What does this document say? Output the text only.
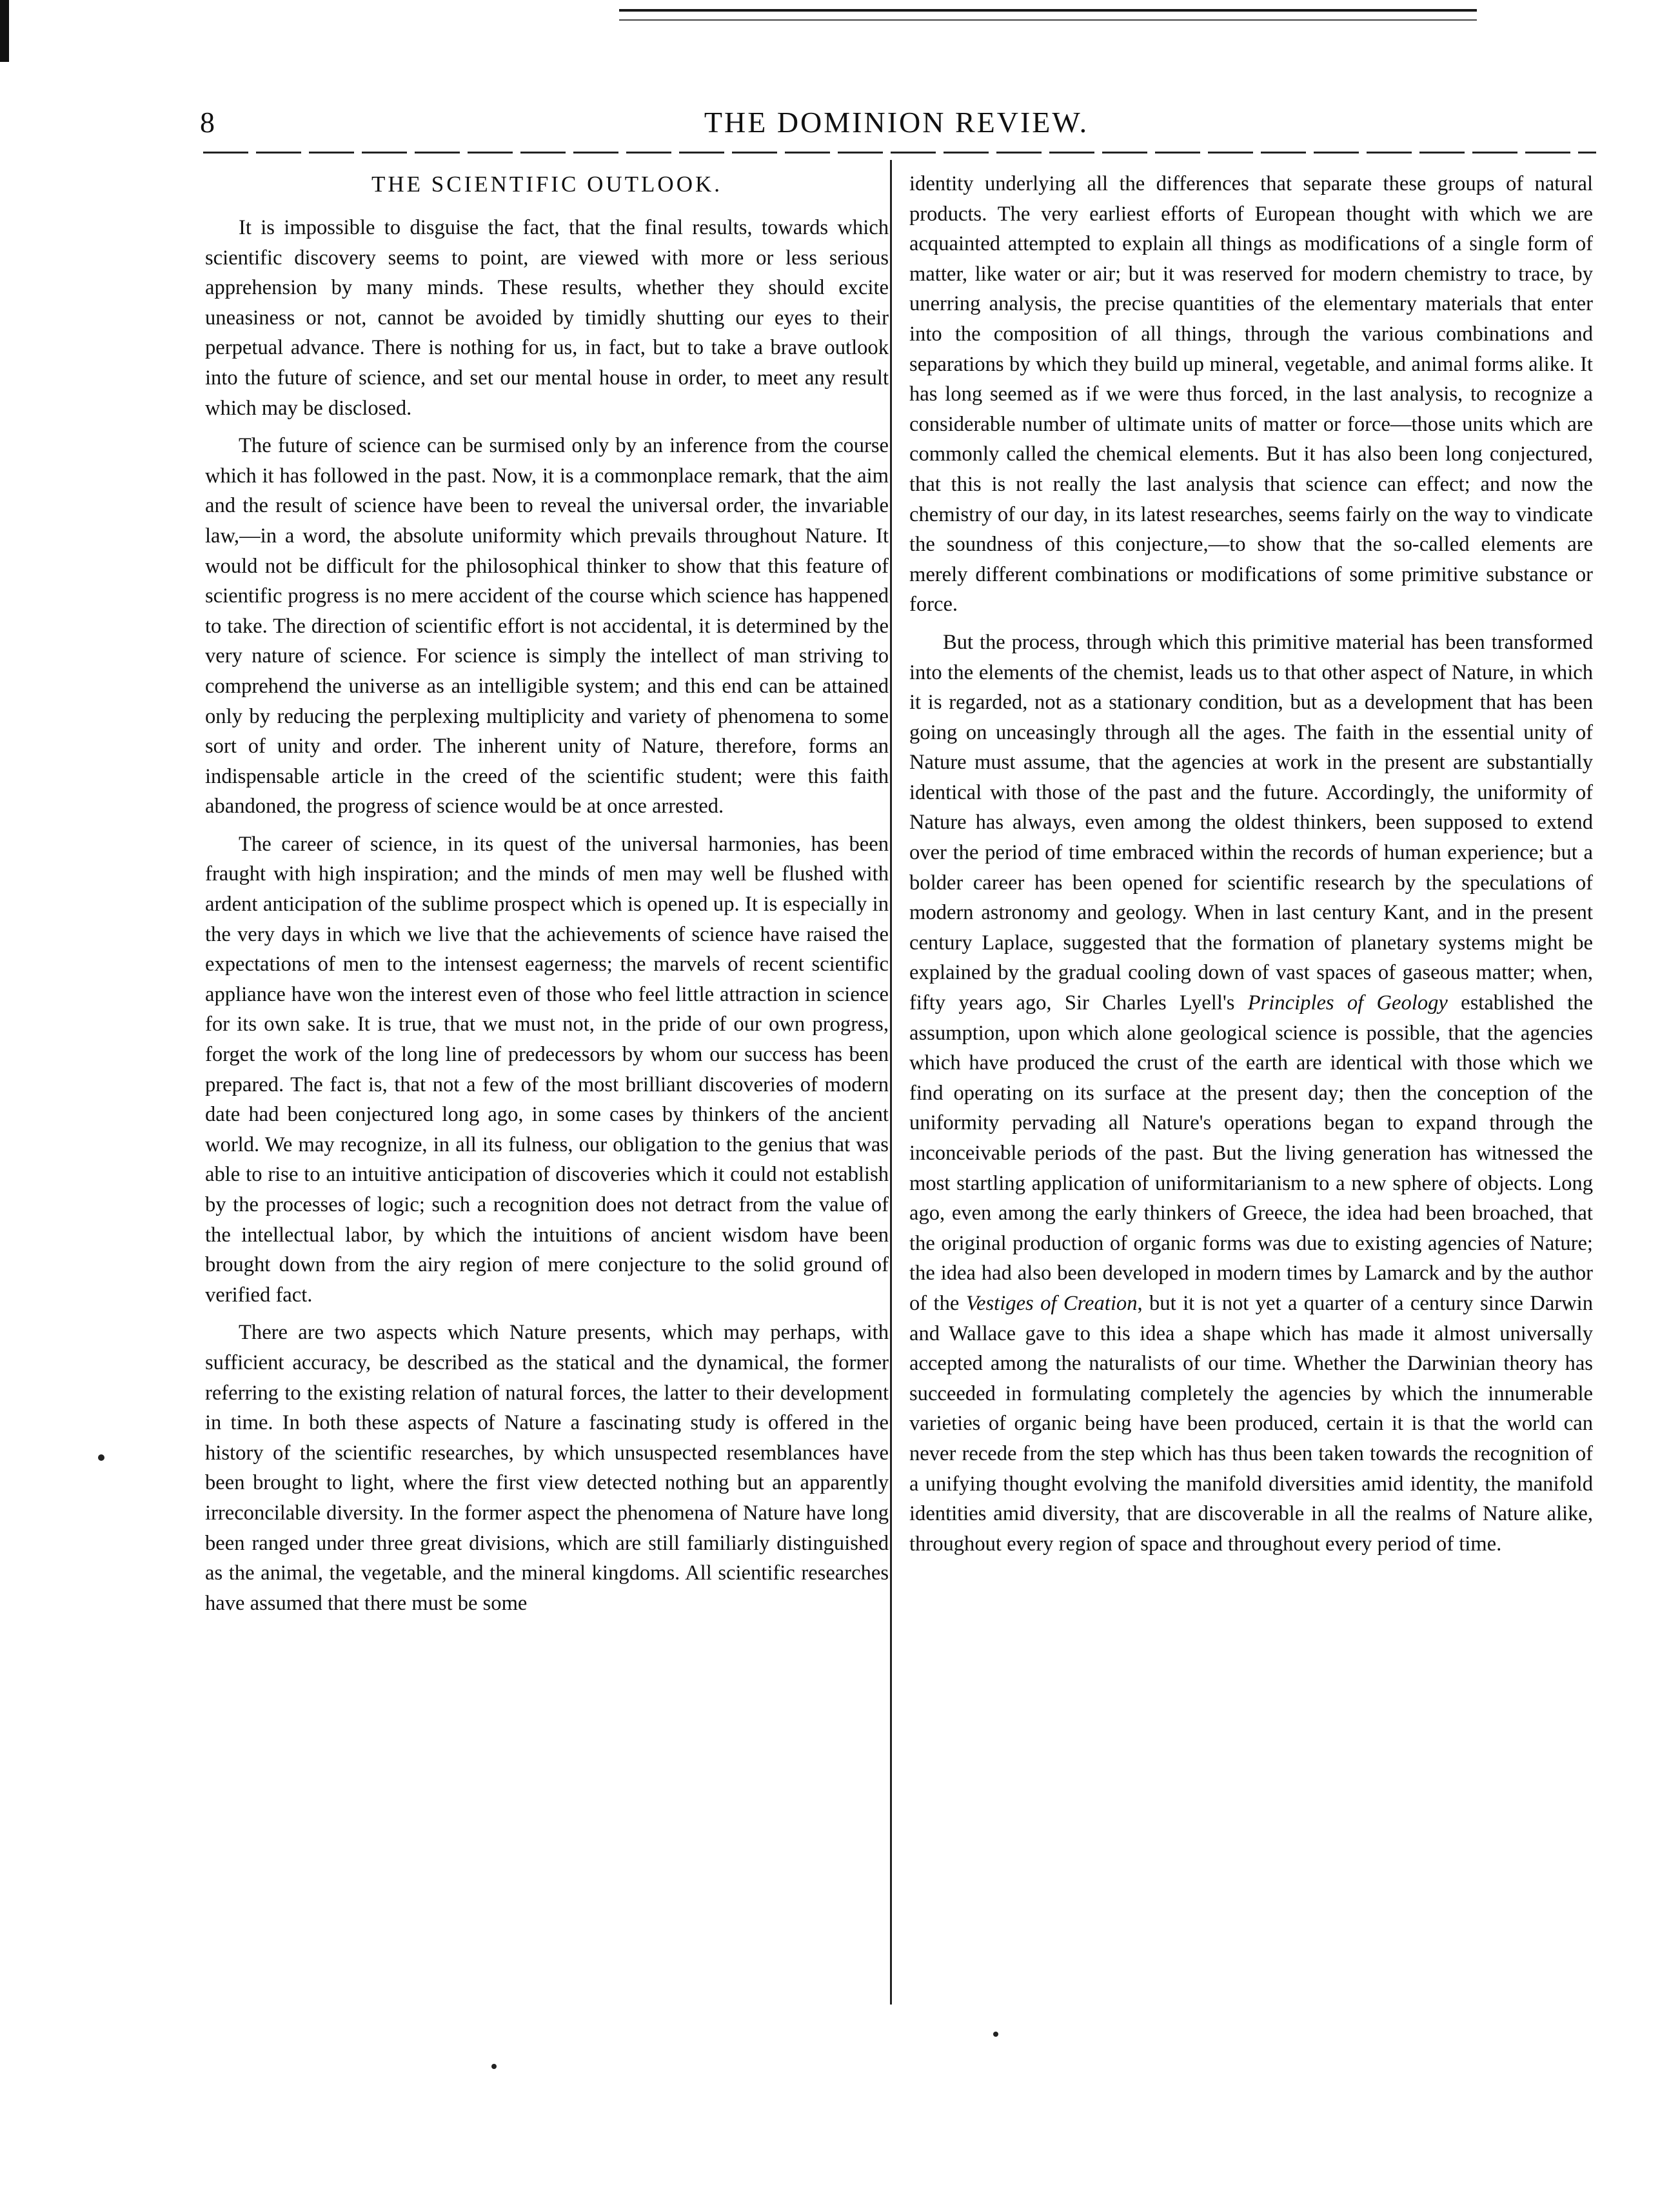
8	THE DOMINION REVIEW.
THE SCIENTIFIC OUTLOOK.

It is impossible to disguise the fact, that the final results, towards which scientific discovery seems to point, are viewed with more or less serious apprehension by many minds. These results, whether they should excite uneasiness or not, cannot be avoided by timidly shutting our eyes to their perpetual advance. There is nothing for us, in fact, but to take a brave outlook into the future of science, and set our mental house in order, to meet any result which may be disclosed.

The future of science can be surmised only by an inference from the course which it has followed in the past. Now, it is a commonplace remark, that the aim and the result of science have been to reveal the universal order, the invariable law,—in a word, the absolute uniformity which prevails throughout Nature. It would not be difficult for the philosophical thinker to show that this feature of scientific progress is no mere accident of the course which science has happened to take. The direction of scientific effort is not accidental, it is determined by the very nature of science. For science is simply the intellect of man striving to comprehend the universe as an intelligible system; and this end can be attained only by reducing the perplexing multiplicity and variety of phenomena to some sort of unity and order. The inherent unity of Nature, therefore, forms an indispensable article in the creed of the scientific student; were this faith abandoned, the progress of science would be at once arrested.

The career of science, in its quest of the universal harmonies, has been fraught with high inspiration; and the minds of men may well be flushed with ardent anticipation of the sublime prospect which is opened up. It is especially in the very days in which we live that the achievements of science have raised the expectations of men to the intensest eagerness; the marvels of recent scientific appliance have won the interest even of those who feel little attraction in science for its own sake. It is true, that we must not, in the pride of our own progress, forget the work of the long line of predecessors by whom our success has been prepared. The fact is, that not a few of the most brilliant discoveries of modern date had been conjectured long ago, in some cases by thinkers of the ancient world. We may recognize, in all its fulness, our obligation to the genius that was able to rise to an intuitive anticipation of discoveries which it could not establish by the processes of logic; such a recognition does not detract from the value of the intellectual labor, by which the intuitions of ancient wisdom have been brought down from the airy region of mere conjecture to the solid ground of verified fact.

There are two aspects which Nature presents, which may perhaps, with sufficient accuracy, be described as the statical and the dynamical, the former referring to the existing relation of natural forces, the latter to their development in time. In both these aspects of Nature a fascinating study is offered in the history of the scientific researches, by which unsuspected resemblances have been brought to light, where the first view detected nothing but an apparently irreconcilable diversity. In the former aspect the phenomena of Nature have long been ranged under three great divisions, which are still familiarly distinguished as the animal, the vegetable, and the mineral kingdoms. All scientific researches have assumed that there must be some

identity underlying all the differences that separate these groups of natural products. The very earliest efforts of European thought with which we are acquainted attempted to explain all things as modifications of a single form of matter, like water or air; but it was reserved for modern chemistry to trace, by unerring analysis, the precise quantities of the elementary materials that enter into the composition of all things, through the various combinations and separations by which they build up mineral, vegetable, and animal forms alike. It has long seemed as if we were thus forced, in the last analysis, to recognize a considerable number of ultimate units of matter or force—those units which are commonly called the chemical elements. But it has also been long conjectured, that this is not really the last analysis that science can effect; and now the chemistry of our day, in its latest researches, seems fairly on the way to vindicate the soundness of this conjecture,—to show that the so-called elements are merely different combinations or modifications of some primitive substance or force.

But the process, through which this primitive material has been transformed into the elements of the chemist, leads us to that other aspect of Nature, in which it is regarded, not as a stationary condition, but as a development that has been going on unceasingly through all the ages. The faith in the essential unity of Nature must assume, that the agencies at work in the present are substantially identical with those of the past and the future. Accordingly, the uniformity of Nature has always, even among the oldest thinkers, been supposed to extend over the period of time embraced within the records of human experience; but a bolder career has been opened for scientific research by the speculations of modern astronomy and geology. When in last century Kant, and in the present century Laplace, suggested that the formation of planetary systems might be explained by the gradual cooling down of vast spaces of gaseous matter; when, fifty years ago, Sir Charles Lyell's Principles of Geology established the assumption, upon which alone geological science is possible, that the agencies which have produced the crust of the earth are identical with those which we find operating on its surface at the present day; then the conception of the uniformity pervading all Nature's operations began to expand through the inconceivable periods of the past. But the living generation has witnessed the most startling application of uniformitarianism to a new sphere of objects. Long ago, even among the early thinkers of Greece, the idea had been broached, that the original production of organic forms was due to existing agencies of Nature; the idea had also been developed in modern times by Lamarck and by the author of the Vestiges of Creation, but it is not yet a quarter of a century since Darwin and Wallace gave to this idea a shape which has made it almost universally accepted among the naturalists of our time. Whether the Darwinian theory has succeeded in formulating completely the agencies by which the innumerable varieties of organic being have been produced, certain it is that the world can never recede from the step which has thus been taken towards the recognition of a unifying thought evolving the manifold diversities amid identity, the manifold identities amid diversity, that are discoverable in all the realms of Nature alike, throughout every region of space and throughout every period of time.
